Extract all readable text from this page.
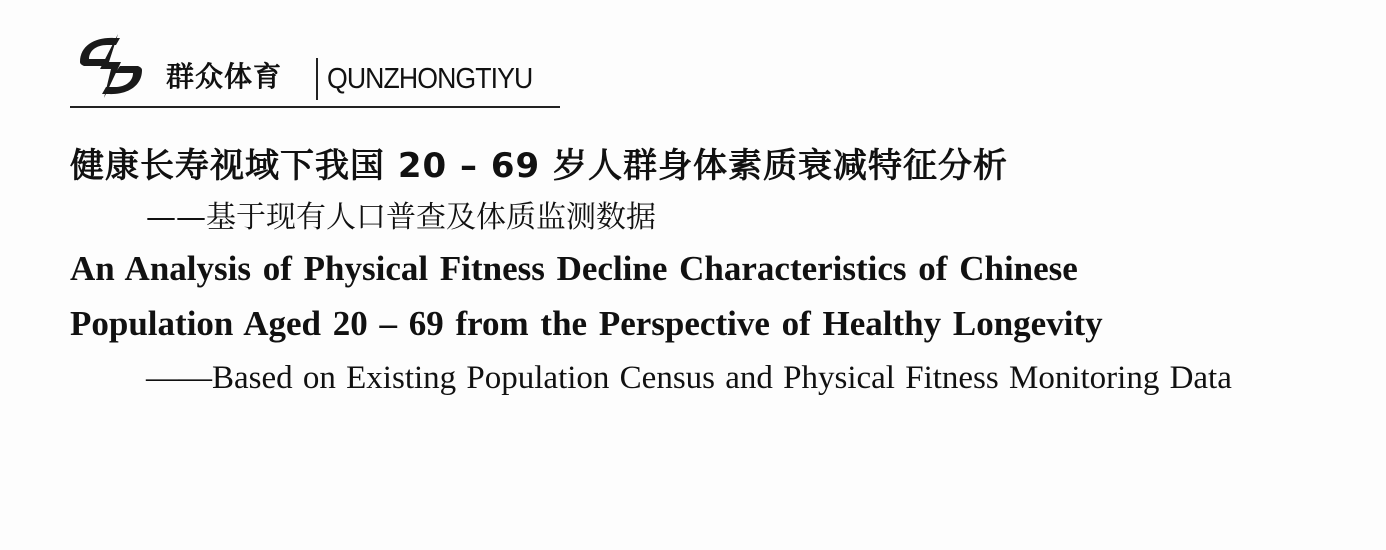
群众体育 QUNZHONGTIYU
健康长寿视域下我国 20 – 69 岁人群身体素质衰减特征分析
——基于现有人口普查及体质监测数据
An Analysis of Physical Fitness Decline Characteristics of Chinese
Population Aged 20 – 69 from the Perspective of Healthy Longevity
——Based on Existing Population Census and Physical Fitness Monitoring Data
